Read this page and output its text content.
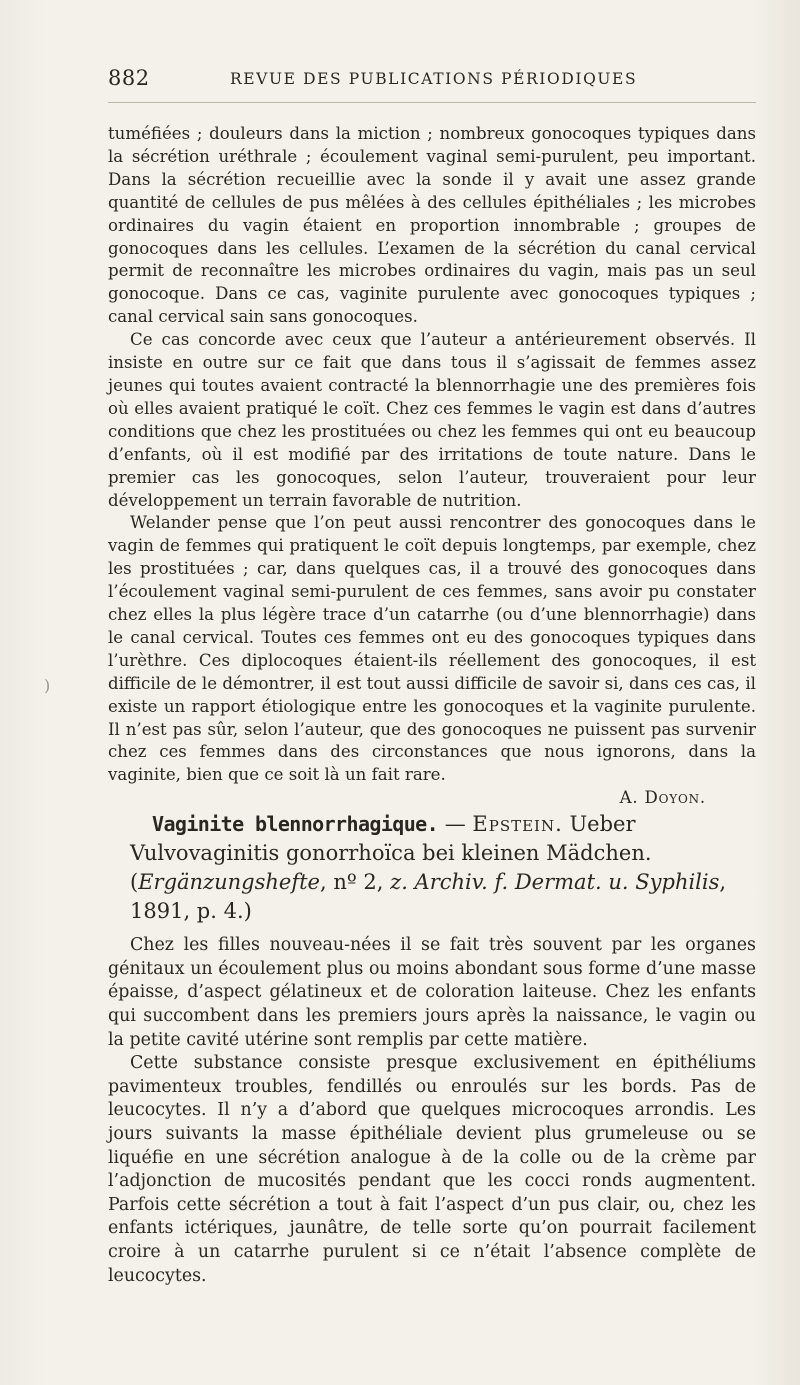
882	REVUE DES PUBLICATIONS PÉRIODIQUES
)

tuméfiées ; douleurs dans la miction ; nombreux gonocoques typiques dans la sécrétion uréthrale ; écoulement vaginal semi-purulent, peu important. Dans la sécrétion recueillie avec la sonde il y avait une assez grande quantité de cellules de pus mêlées à des cellules épithéliales ; les microbes ordinaires du vagin étaient en proportion innombrable ; groupes de gonocoques dans les cellules. L’examen de la sécrétion du canal cervical permit de reconnaître les microbes ordinaires du vagin, mais pas un seul gonocoque. Dans ce cas, vaginite purulente avec gonocoques typiques ; canal cervical sain sans gonocoques.

Ce cas concorde avec ceux que l’auteur a antérieurement observés. Il insiste en outre sur ce fait que dans tous il s’agissait de femmes assez jeunes qui toutes avaient contracté la blennorrhagie une des premières fois où elles avaient pratiqué le coït. Chez ces femmes le vagin est dans d’autres conditions que chez les prostituées ou chez les femmes qui ont eu beaucoup d’enfants, où il est modifié par des irritations de toute nature. Dans le premier cas les gonocoques, selon l’auteur, trouveraient pour leur développement un terrain favorable de nutrition.

Welander pense que l’on peut aussi rencontrer des gonocoques dans le vagin de femmes qui pratiquent le coït depuis longtemps, par exemple, chez les prostituées ; car, dans quelques cas, il a trouvé des gonocoques dans l’écoulement vaginal semi-purulent de ces femmes, sans avoir pu constater chez elles la plus légère trace d’un catarrhe (ou d’une blennorrhagie) dans le canal cervical. Toutes ces femmes ont eu des gonocoques typiques dans l’urèthre. Ces diplocoques étaient-ils réellement des gonocoques, il est difficile de le démontrer, il est tout aussi difficile de savoir si, dans ces cas, il existe un rapport étiologique entre les gonocoques et la vaginite purulente. Il n’est pas sûr, selon l’auteur, que des gonocoques ne puissent pas survenir chez ces femmes dans des circonstances que nous ignorons, dans la vaginite, bien que ce soit là un fait rare.

A. Doyon.

Vaginite blennorrhagique. — Epstein. Ueber Vulvovaginitis gonorrhoïca bei kleinen Mädchen. (Ergänzungshefte, nº 2, z. Archiv. f. Dermat. u. Syphilis, 1891, p. 4.)

Chez les filles nouveau-nées il se fait très souvent par les organes génitaux un écoulement plus ou moins abondant sous forme d’une masse épaisse, d’aspect gélatineux et de coloration laiteuse. Chez les enfants qui succombent dans les premiers jours après la naissance, le vagin ou la petite cavité utérine sont remplis par cette matière.

Cette substance consiste presque exclusivement en épithéliums pavimenteux troubles, fendillés ou enroulés sur les bords. Pas de leucocytes. Il n’y a d’abord que quelques microcoques arrondis. Les jours suivants la masse épithéliale devient plus grumeleuse ou se liquéfie en une sécrétion analogue à de la colle ou de la crème par l’adjonction de mucosités pendant que les cocci ronds augmentent. Parfois cette sécrétion a tout à fait l’aspect d’un pus clair, ou, chez les enfants ictériques, jaunâtre, de telle sorte qu’on pourrait facilement croire à un catarrhe purulent si ce n’était l’absence complète de leucocytes.
